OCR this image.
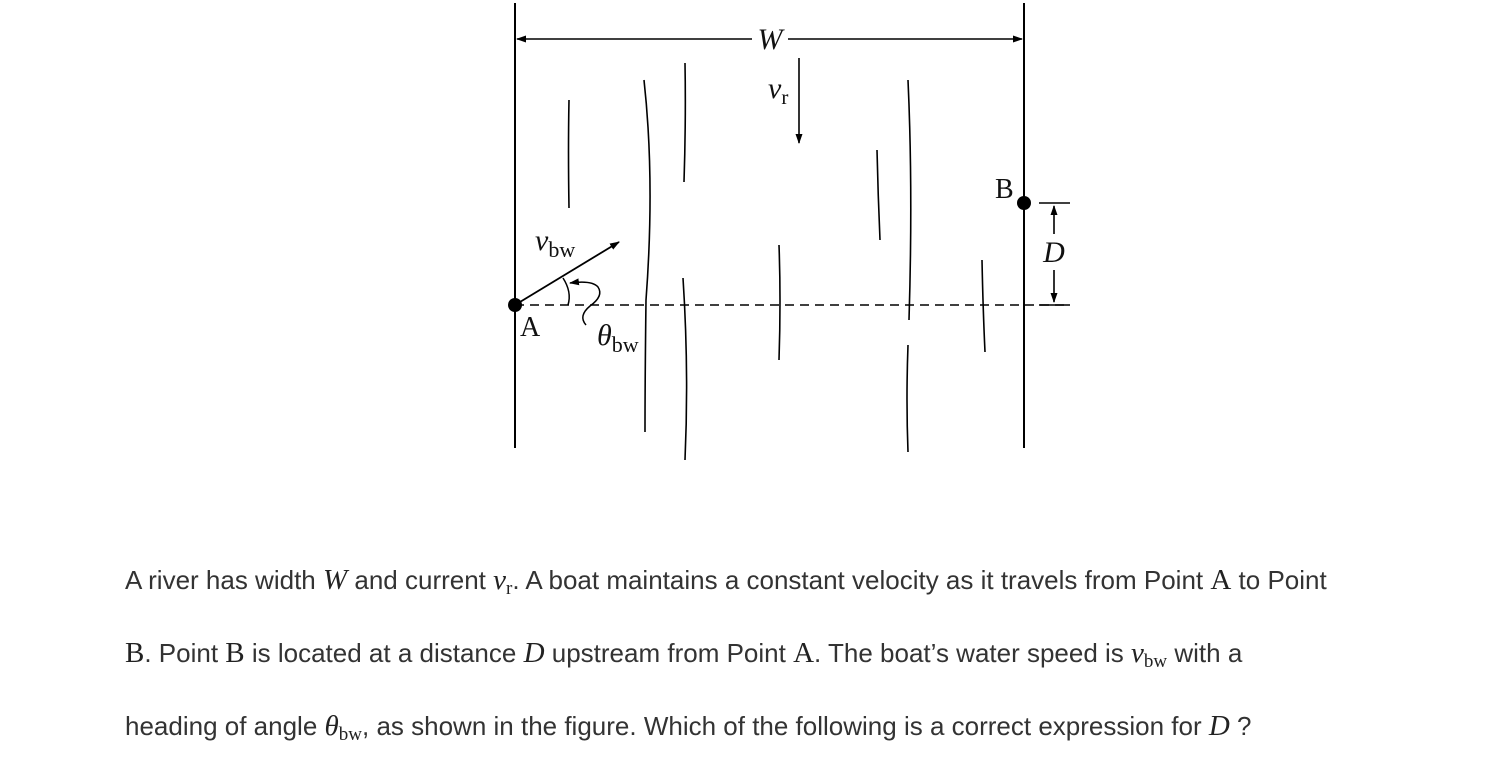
W
$v_r$
$v_{bw}$
$\theta_{bw}$
A
B
D
A river has width W and current $v_r$. A boat maintains a constant velocity as it travels from Point A to Point
B. Point B is located at a distance D upstream from Point A. The boat’s water speed is $v_{bw}$ with a
heading of angle $\theta_{bw}$, as shown in the figure. Which of the following is a correct expression for D ?
